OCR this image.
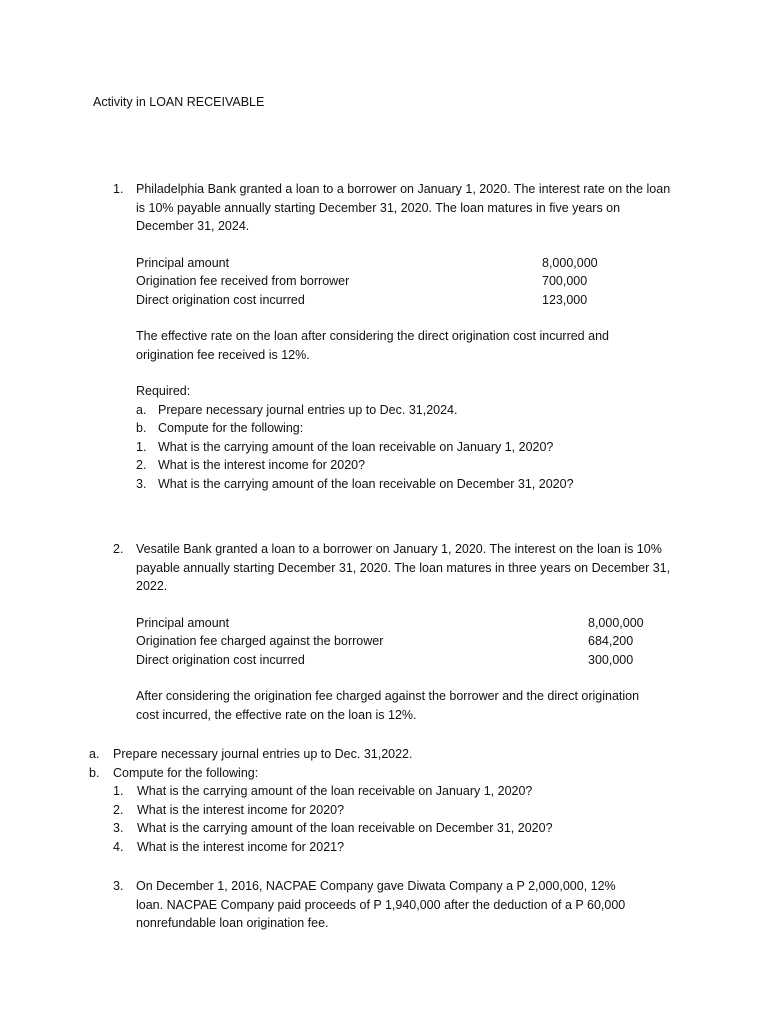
Activity in LOAN RECEIVABLE
1. Philadelphia Bank granted a loan to a borrower on January 1, 2020. The interest rate on the loan is 10% payable annually starting December 31, 2020. The loan matures in five years on December 31, 2024.

Principal amount	8,000,000
Origination fee received from borrower	700,000
Direct origination cost incurred	123,000

The effective rate on the loan after considering the direct origination cost incurred and origination fee received is 12%.

Required:
a. Prepare necessary journal entries up to Dec. 31,2024.
b. Compute for the following:
1. What is the carrying amount of the loan receivable on January 1, 2020?
2. What is the interest income for 2020?
3. What is the carrying amount of the loan receivable on December 31, 2020?
2. Vesatile Bank granted a loan to a borrower on January 1, 2020. The interest on the loan is 10% payable annually starting December 31, 2020. The loan matures in three years on December 31, 2022.

Principal amount	8,000,000
Origination fee charged against the borrower	684,200
Direct origination cost incurred	300,000

After considering the origination fee charged against the borrower and the direct origination cost incurred, the effective rate on the loan is 12%.

a. Prepare necessary journal entries up to Dec. 31,2022.
b. Compute for the following:
1. What is the carrying amount of the loan receivable on January 1, 2020?
2. What is the interest income for 2020?
3. What is the carrying amount of the loan receivable on December 31, 2020?
4. What is the interest income for 2021?
3. On December 1, 2016, NACPAE Company gave Diwata Company a P 2,000,000, 12% loan. NACPAE Company paid proceeds of P 1,940,000 after the deduction of a P 60,000 nonrefundable loan origination fee.
